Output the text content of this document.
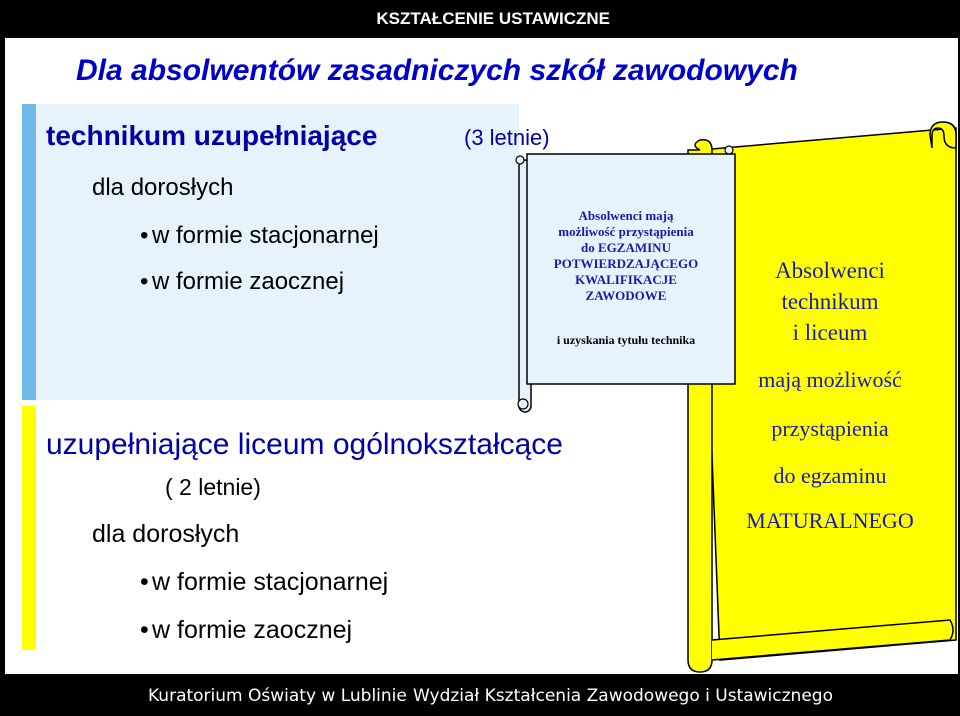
KSZTAŁCENIE USTAWICZNE
Dla absolwentów zasadniczych szkół zawodowych
technikum uzupełniające	(3 letnie)
dla dorosłych
• w formie stacjonarnej
• w formie zaocznej
uzupełniające liceum ogólnokształcące
( 2 letnie)
dla dorosłych
• w formie stacjonarnej
• w formie zaocznej
Absolwenci mają
możliwość przystąpienia
do EGZAMINU
POTWIERDZAJĄCEGO
KWALIFIKACJE
ZAWODOWE
i uzyskania tytułu technika
Absolwenci
technikum
i liceum
mają możliwość
przystąpienia
do egzaminu
MATURALNEGO
Kuratorium Oświaty w Lublinie Wydział Kształcenia Zawodowego i Ustawicznego
